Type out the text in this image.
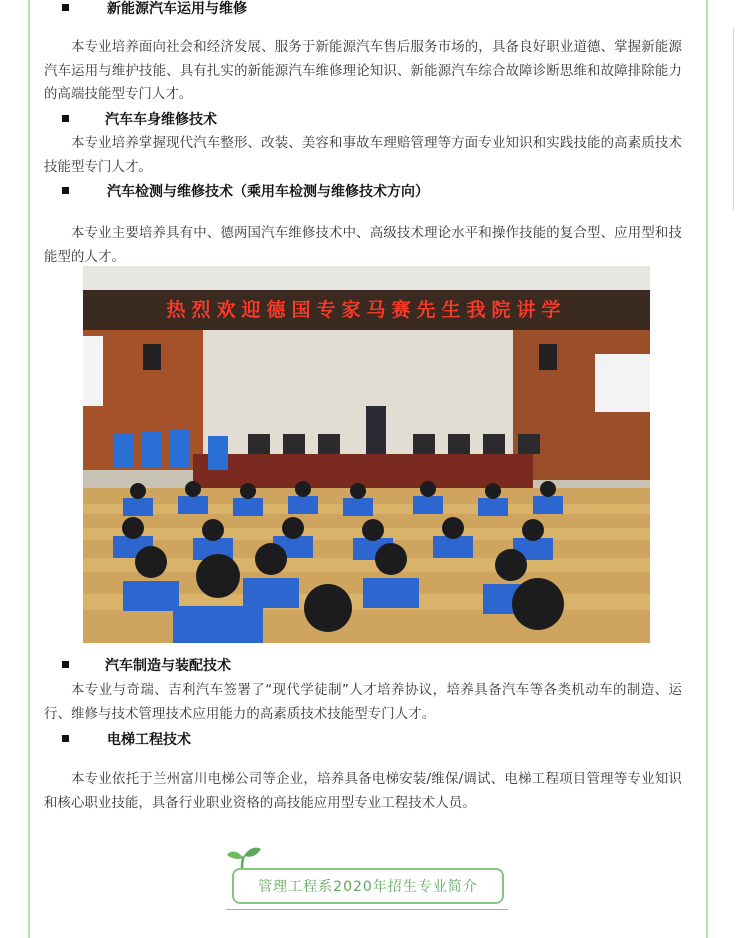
新能源汽车运用与维修
本专业培养面向社会和经济发展、服务于新能源汽车售后服务市场的，具备良好职业道德、掌握新能源汽车运用与维护技能、具有扎实的新能源汽车维修理论知识、新能源汽车综合故障诊断思维和故障排除能力的高端技能型专门人才。
汽车车身维修技术
本专业培养掌握现代汽车整形、改装、美容和事故车理赔管理等方面专业知识和实践技能的高素质技术技能型专门人才。
汽车检测与维修技术（乘用车检测与维修技术方向）
本专业主要培养具有中、德两国汽车维修技术中、高级技术理论水平和操作技能的复合型、应用型和技能型的人才。
汽车制造与装配技术
本专业与奇瑞、吉利汽车签署了“现代学徒制”人才培养协议，培养具备汽车等各类机动车的制造、运行、维修与技术管理技术应用能力的高素质技术技能型专门人才。
电梯工程技术
本专业依托于兰州富川电梯公司等企业，培养具备电梯安装/维保/调试、电梯工程项目管理等专业知识和核心职业技能，具备行业职业资格的高技能应用型专业工程技术人员。
热烈欢迎德国专家马赛先生我院讲学
管理工程系2020年招生专业简介
